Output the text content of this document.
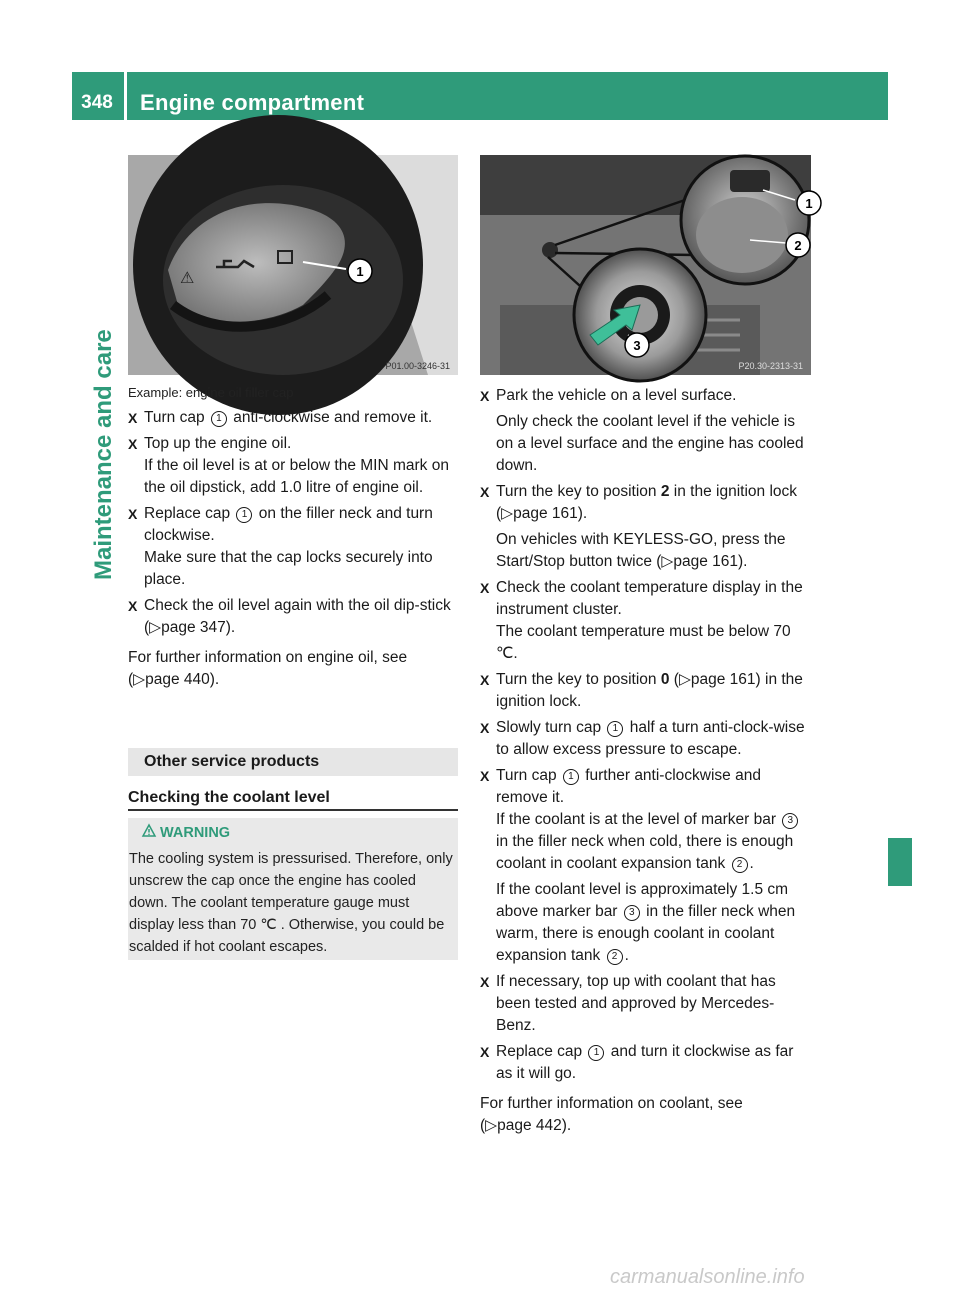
348	Engine compartment
Maintenance and care
⚠	1
P01.00-3246-31
1
2
3
P20.30-2313-31
Example: engine oil filler cap
X Turn cap 1 anti-clockwise and remove it.
X Top up the engine oil.
If the oil level is at or below the MIN mark on the oil dipstick, add 1.0 litre of engine oil.
X Replace cap 1 on the filler neck and turn clockwise.
Make sure that the cap locks securely into place.
X Check the oil level again with the oil dip-stick (▷page 347).
For further information on engine oil, see
(▷page 440).
Other service products
Checking the coolant level
WARNING
The cooling system is pressurised. Therefore, only unscrew the cap once the engine has cooled down. The coolant temperature gauge must display less than 70 ℃ . Otherwise, you could be scalded if hot coolant escapes.
X Park the vehicle on a level surface.
Only check the coolant level if the vehicle is on a level surface and the engine has cooled down.
X Turn the key to position 2 in the ignition lock (▷page 161).
On vehicles with KEYLESS-GO, press the Start/Stop button twice (▷page 161).
X Check the coolant temperature display in the instrument cluster.
The coolant temperature must be below 70 ℃.
X Turn the key to position 0 (▷page 161) in the ignition lock.
X Slowly turn cap 1 half a turn anti-clock-wise to allow excess pressure to escape.
X Turn cap 1 further anti-clockwise and remove it.
If the coolant is at the level of marker bar 3 in the filler neck when cold, there is enough coolant in coolant expansion tank 2 .
If the coolant level is approximately 1.5 cm above marker bar 3 in the filler neck when warm, there is enough coolant in coolant expansion tank 2 .
X If necessary, top up with coolant that has been tested and approved by Mercedes-Benz.
X Replace cap 1 and turn it clockwise as far as it will go.
For further information on coolant, see
(▷page 442).
carmanualsonline.info
